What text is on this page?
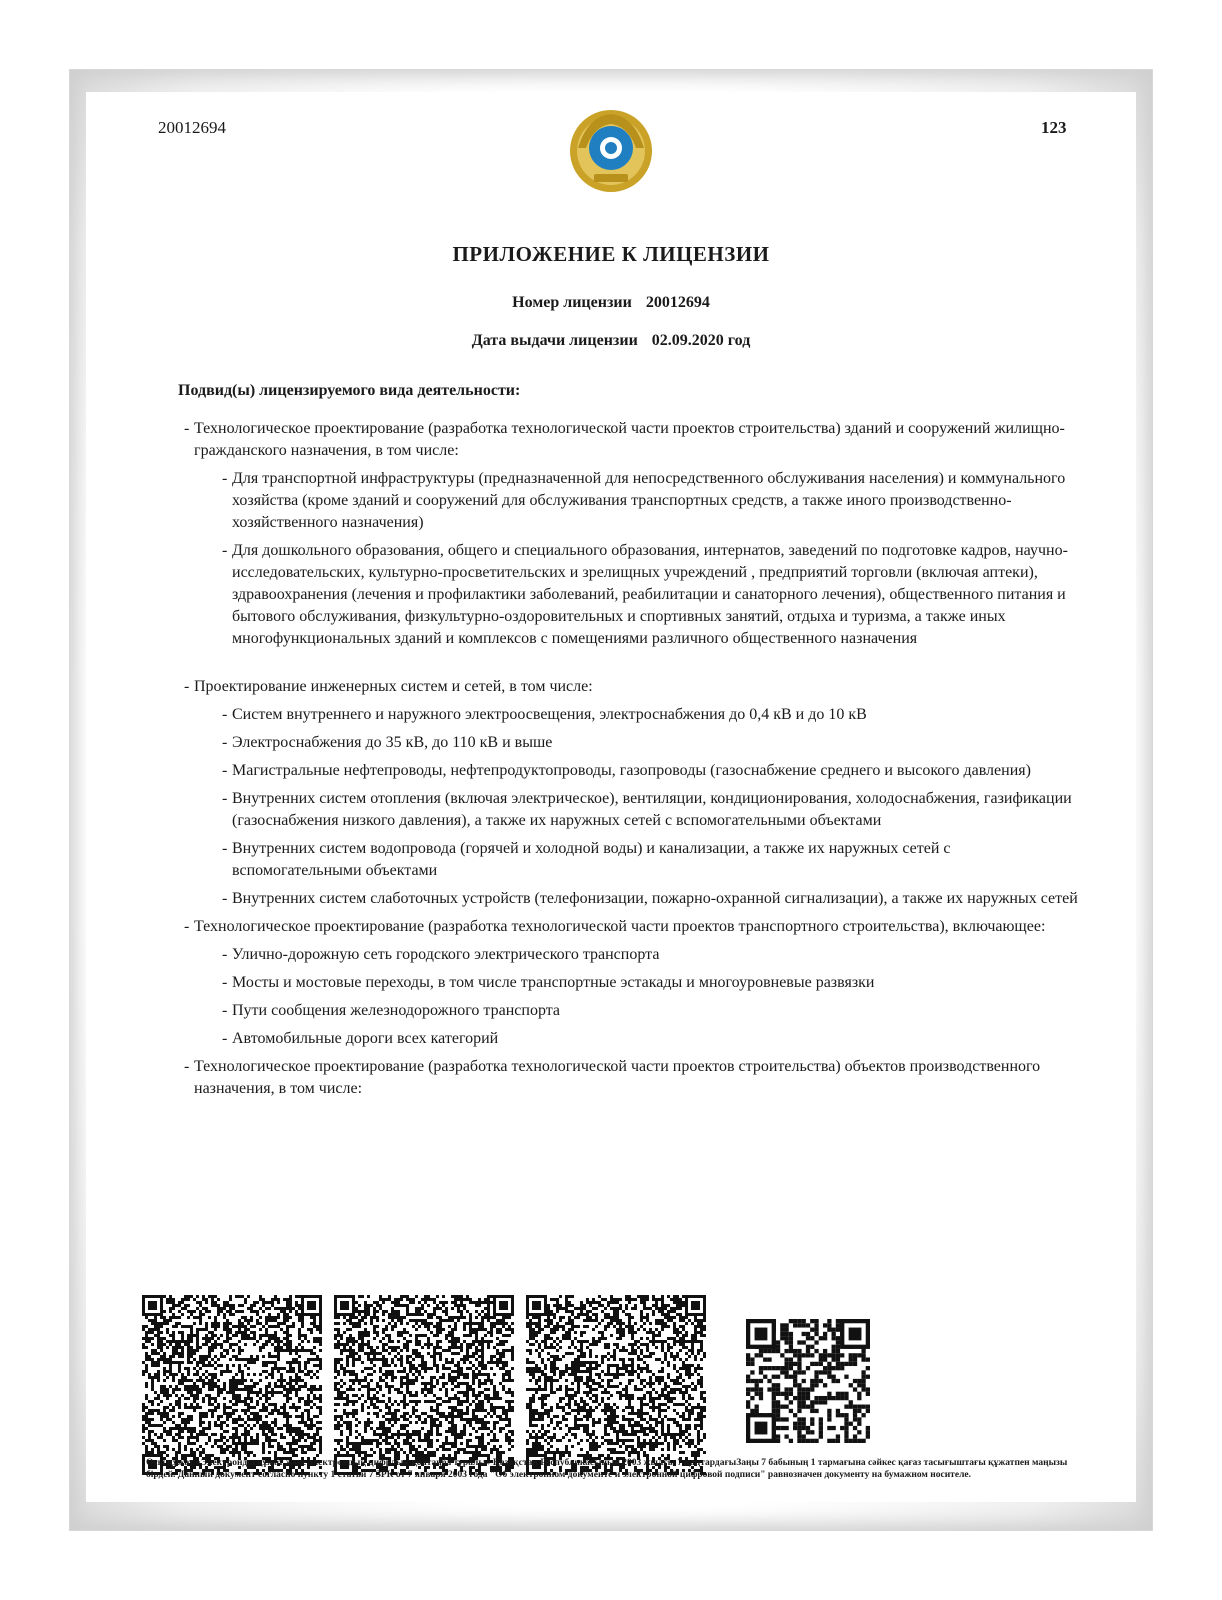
20012694	123
ПРИЛОЖЕНИЕ К ЛИЦЕНЗИИ
Номер лицензии 20012694
Дата выдачи лицензии 02.09.2020 год
Подвид(ы) лицензируемого вида деятельности:
- Технологическое проектирование (разработка технологической части проектов строительства) зданий и сооружений жилищно-гражданского назначения, в том числе:
- Для транспортной инфраструктуры (предназначенной для непосредственного обслуживания населения) и коммунального хозяйства (кроме зданий и сооружений для обслуживания транспортных средств, а также иного производственно-хозяйственного назначения)
- Для дошкольного образования, общего и специального образования, интернатов, заведений по подготовке кадров, научно-исследовательских, культурно-просветительских и зрелищных учреждений , предприятий торговли (включая аптеки), здравоохранения (лечения и профилактики заболеваний, реабилитации и санаторного лечения), общественного питания и бытового обслуживания, физкультурно-оздоровительных и спортивных занятий, отдыха и туризма, а также иных многофункциональных зданий и комплексов с помещениями различного общественного назначения
- Проектирование инженерных систем и сетей, в том числе:
- Систем внутреннего и наружного электроосвещения, электроснабжения до 0,4 кВ и до 10 кВ
- Электроснабжения до 35 кВ, до 110 кВ и выше
- Магистральные нефтепроводы, нефтепродуктопроводы, газопроводы (газоснабжение среднего и высокого давления)
- Внутренних систем отопления (включая электрическое), вентиляции, кондиционирования, холодоснабжения, газификации (газоснабжения низкого давления), а также их наружных сетей с вспомогательными объектами
- Внутренних систем водопровода (горячей и холодной воды) и канализации, а также их наружных сетей с вспомогательными объектами
- Внутренних систем слаботочных устройств (телефонизации, пожарно-охранной сигнализации), а также их наружных сетей
- Технологическое проектирование (разработка технологической части проектов транспортного строительства), включающее:
- Улично-дорожную сеть городского электрического транспорта
- Мосты и мостовые переходы, в том числе транспортные эстакады и многоуровневые развязки
- Пути сообщения железнодорожного транспорта
- Автомобильные дороги всех категорий
- Технологическое проектирование (разработка технологической части проектов строительства) объектов производственного назначения, в том числе:
Осы құжат «Электронды құжат және электрондық цифрлық қолтаңба туралы» Қазақстан Республикасының 2003 жылғы 7 қаңтардағыЗаңы 7 бабының 1 тармағына сәйкес қағаз тасығыштағы құжатпен маңызы бірдей. Данный документ согласно пункту 1 статьи 7 ЗРК от 7 января 2003 года "Об электронном документе и электронной цифровой подписи" равнозначен документу на бумажном носителе.
